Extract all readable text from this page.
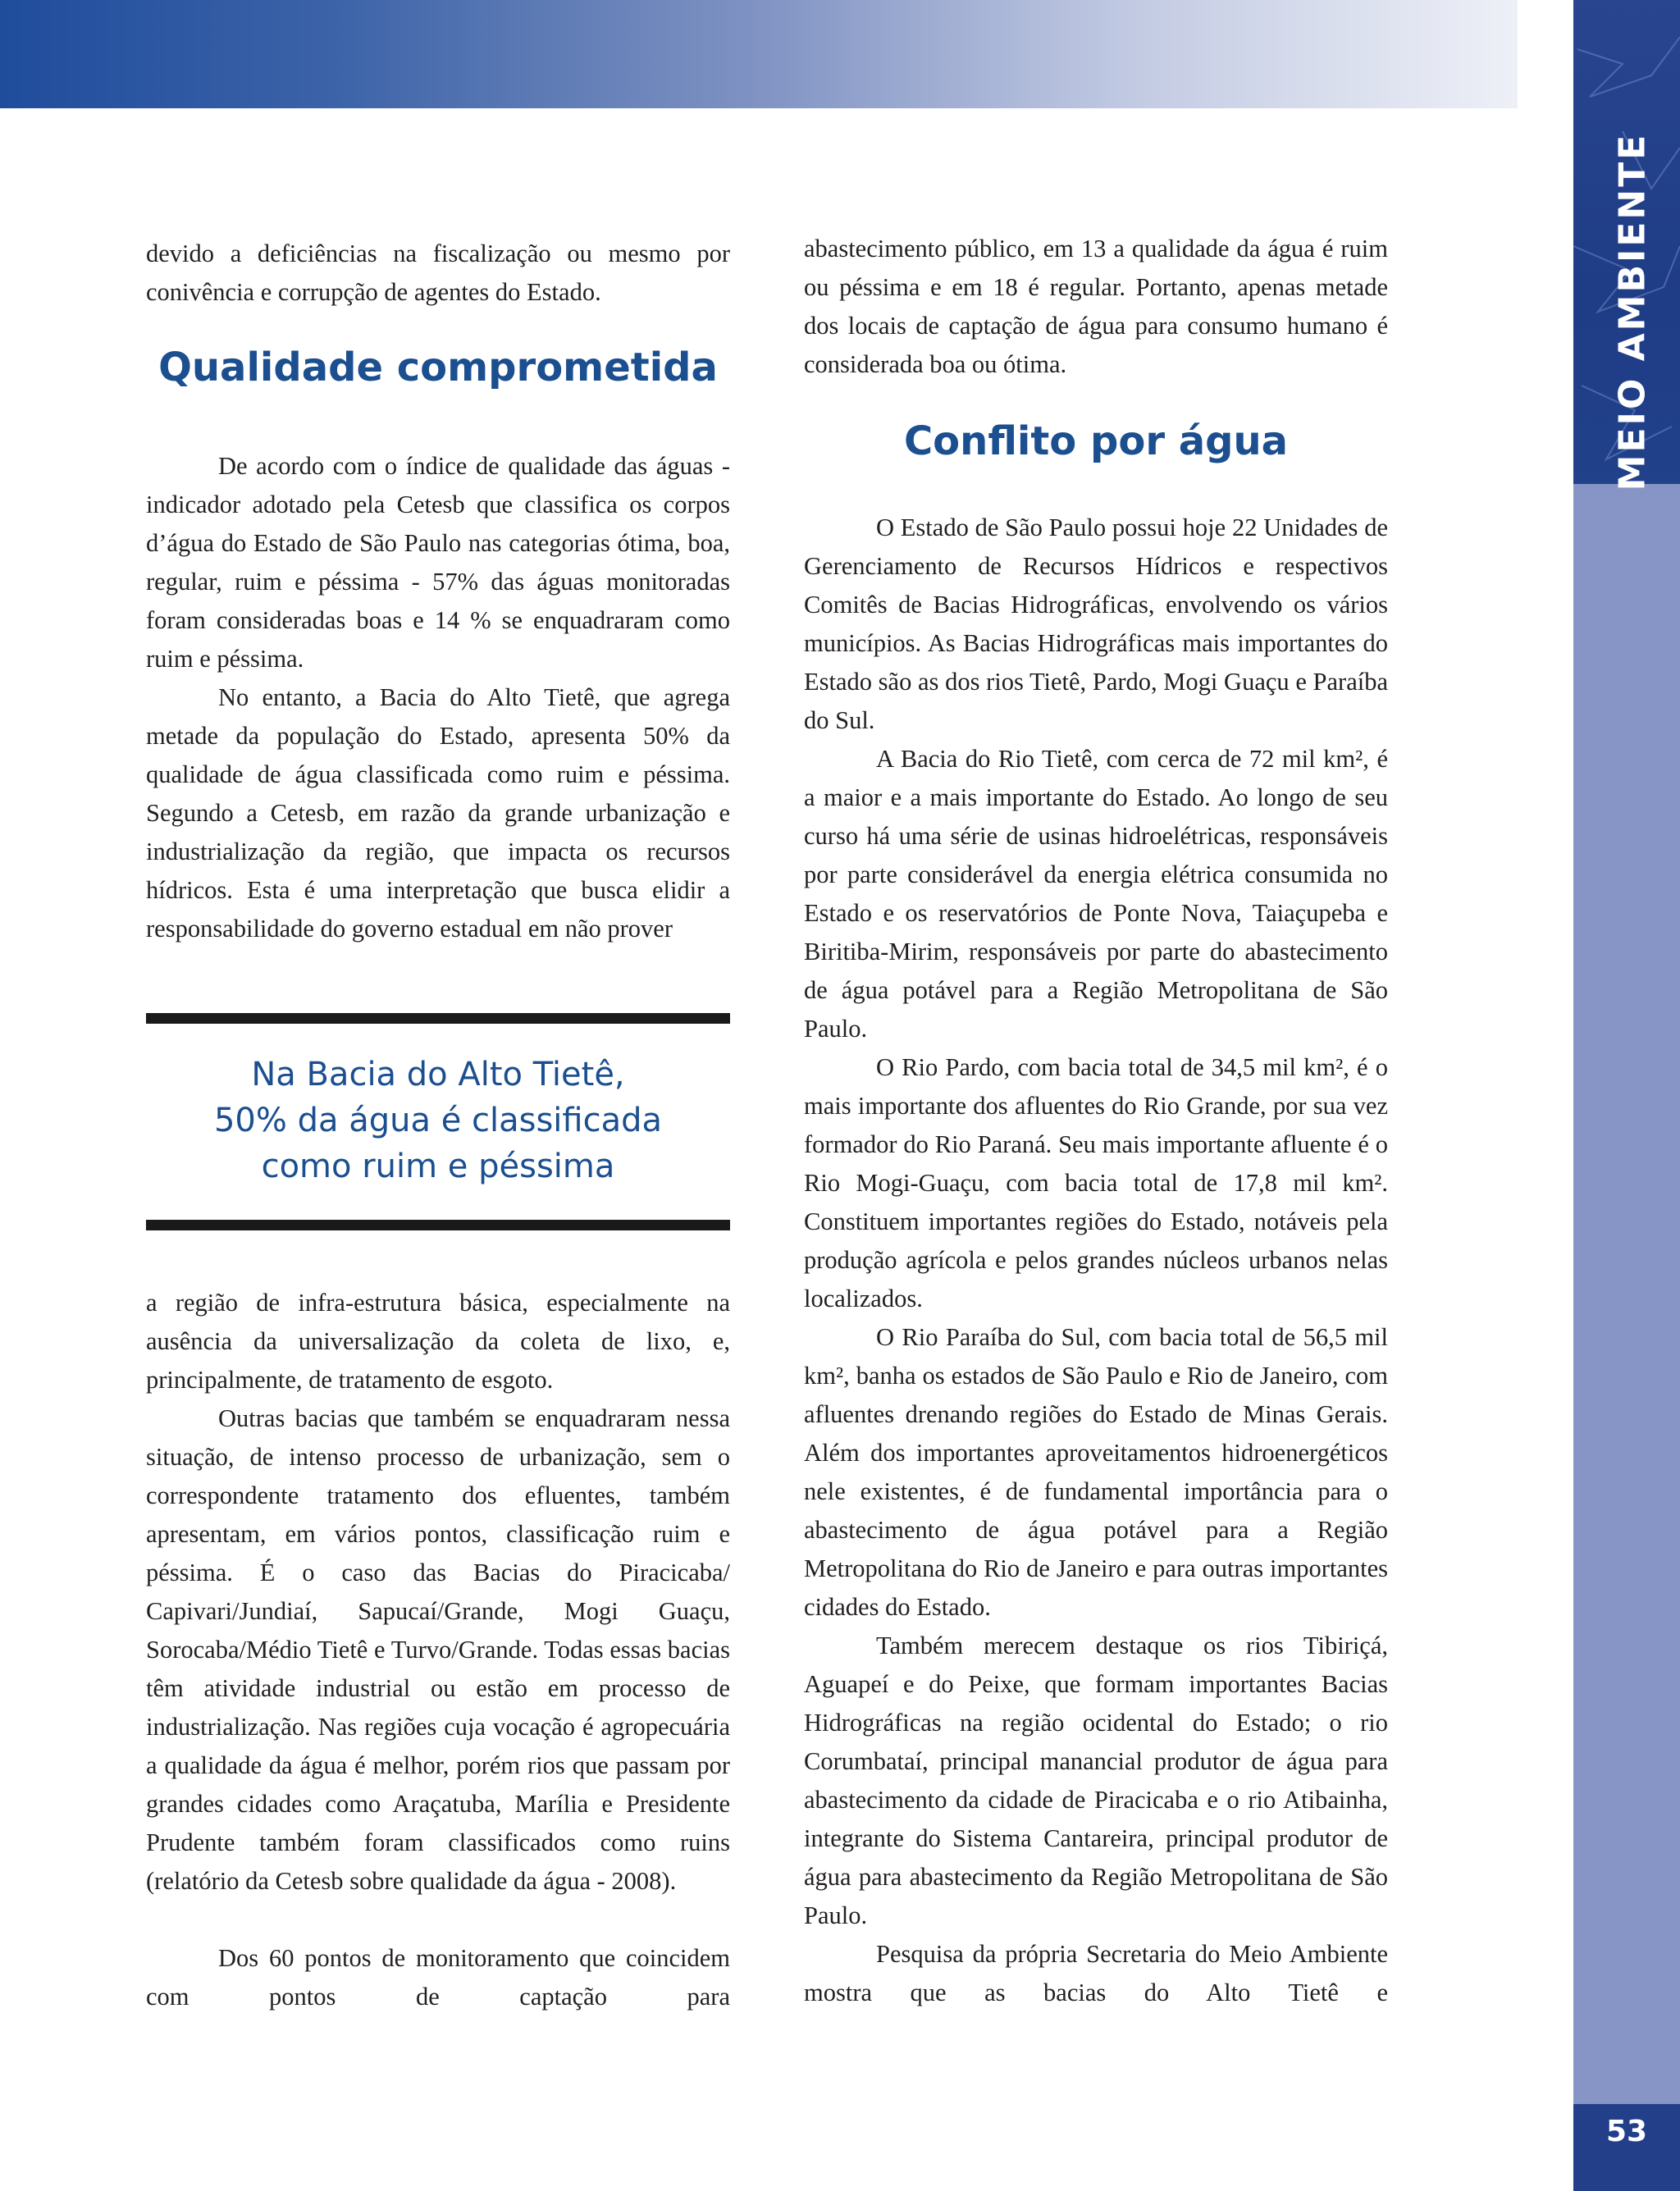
MEIO AMBIENTE
53

devido a deficiências na fiscalização ou mesmo por conivência e corrupção de agentes do Estado.

Qualidade comprometida

De acordo com o índice de qualidade das águas - indicador adotado pela Cetesb que classifica os corpos d’água do Estado de São Paulo nas categorias ótima, boa, regular, ruim e péssima - 57% das águas monitoradas foram consideradas boas e 14 % se enquadraram como ruim e péssima.

No entanto, a Bacia do Alto Tietê, que agrega metade da população do Estado, apresenta 50% da qualidade de água classificada como ruim e péssima. Segundo a Cetesb, em razão da grande urbanização e industrialização da região, que impacta os recursos hídricos. Esta é uma interpretação que busca elidir a responsabilidade do governo estadual em não prover

Na Bacia do Alto Tietê,
50% da água é classificada
como ruim e péssima

a região de infra-estrutura básica, especialmente na ausência da universalização da coleta de lixo, e, principalmente, de tratamento de esgoto.

Outras bacias que também se enquadraram nessa situação, de intenso processo de urbanização, sem o correspondente tratamento dos efluentes, também apresentam, em vários pontos, classificação ruim e péssima. É o caso das Bacias do Piracicaba/ Capivari/Jundiaí, Sapucaí/Grande, Mogi Guaçu, Sorocaba/Médio Tietê e Turvo/Grande. Todas essas bacias têm atividade industrial ou estão em processo de industrialização. Nas regiões cuja vocação é agropecuária a qualidade da água é melhor, porém rios que passam por grandes cidades como Araçatuba, Marília e Presidente Prudente também foram classificados como ruins (relatório da Cetesb sobre qualidade da água - 2008).

Dos 60 pontos de monitoramento que coincidem com pontos de captação para

abastecimento público, em 13 a qualidade da água é ruim ou péssima e em 18 é regular. Portanto, apenas metade dos locais de captação de água para consumo humano é considerada boa ou ótima.

Conflito por água

O Estado de São Paulo possui hoje 22 Unidades de Gerenciamento de Recursos Hídricos e respectivos Comitês de Bacias Hidrográficas, envolvendo os vários municípios. As Bacias Hidrográficas mais importantes do Estado são as dos rios Tietê, Pardo, Mogi Guaçu e Paraíba do Sul.

A Bacia do Rio Tietê, com cerca de 72 mil km², é a maior e a mais importante do Estado. Ao longo de seu curso há uma série de usinas hidroelétricas, responsáveis por parte considerável da energia elétrica consumida no Estado e os reservatórios de Ponte Nova, Taiaçupeba e Biritiba-Mirim, responsáveis por parte do abastecimento de água potável para a Região Metropolitana de São Paulo.

O Rio Pardo, com bacia total de 34,5 mil km², é o mais importante dos afluentes do Rio Grande, por sua vez formador do Rio Paraná. Seu mais importante afluente é o Rio Mogi-Guaçu, com bacia total de 17,8 mil km². Constituem importantes regiões do Estado, notáveis pela produção agrícola e pelos grandes núcleos urbanos nelas localizados.

O Rio Paraíba do Sul, com bacia total de 56,5 mil km², banha os estados de São Paulo e Rio de Janeiro, com afluentes drenando regiões do Estado de Minas Gerais. Além dos importantes aproveitamentos hidroenergéticos nele existentes, é de fundamental importância para o abastecimento de água potável para a Região Metropolitana do Rio de Janeiro e para outras importantes cidades do Estado.

Também merecem destaque os rios Tibiriçá, Aguapeí e do Peixe, que formam importantes Bacias Hidrográficas na região ocidental do Estado; o rio Corumbataí, principal manancial produtor de água para abastecimento da cidade de Piracicaba e o rio Atibainha, integrante do Sistema Cantareira, principal produtor de água para abastecimento da Região Metropolitana de São Paulo.

Pesquisa da própria Secretaria do Meio Ambiente mostra que as bacias do Alto Tietê e
